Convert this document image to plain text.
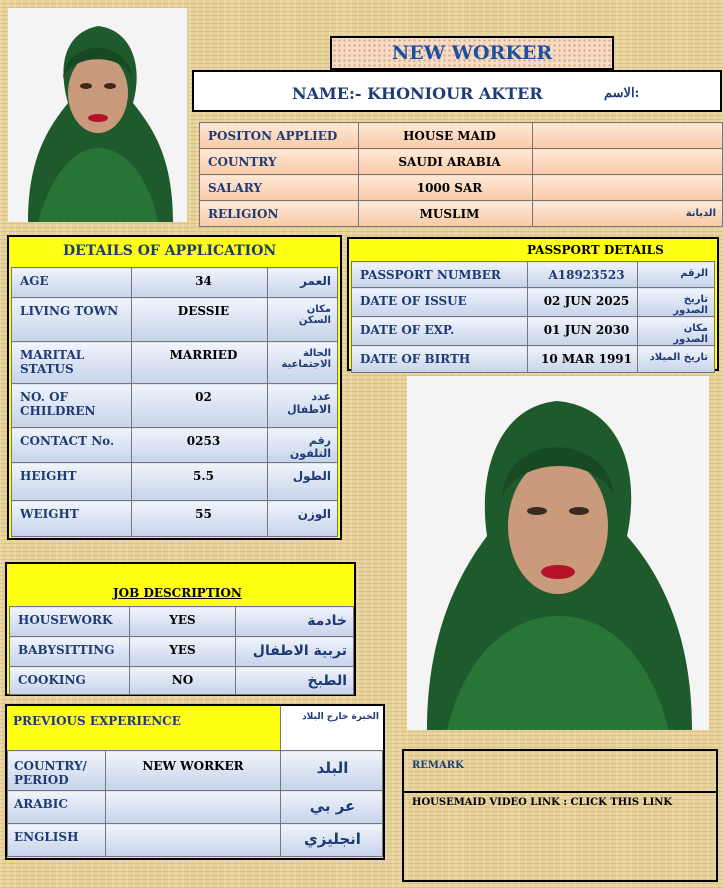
NEW WORKER
NAME:- KHONIOUR AKTER	الاسم:
POSITON APPLIED	HOUSE MAID	
COUNTRY	SAUDI ARABIA	
SALARY	1000 SAR	
RELIGION	MUSLIM	الديانة
DETAILS OF APPLICATION
AGE	34	العمر
LIVING TOWN	DESSIE	مكان السكن
MARITAL STATUS	MARRIED	الحالة الاجتماعية
NO. OF CHILDREN	02	عدد الاطفال
CONTACT No.	0253	رقم التلفون
HEIGHT	5.5	الطول
WEIGHT	55	الوزن
PASSPORT DETAILS
PASSPORT NUMBER	A18923523	الرقم
DATE OF ISSUE	02 JUN 2025	تاريخ الصدور
DATE OF EXP.	01 JUN 2030	مكان الصدور
DATE OF BIRTH	10 MAR 1991	تاريخ الميلاد
JOB DESCRIPTION
HOUSEWORK	YES	خادمة
BABYSITTING	YES	تربية الاطفال
COOKING	NO	الطبخ
PREVIOUS EXPERIENCE	الخبرة خارج البلاد
COUNTRY/ PERIOD	NEW WORKER	البلد
ARABIC		عر بي
ENGLISH		انجليزي
REMARK
HOUSEMAID VIDEO LINK : CLICK THIS LINK
